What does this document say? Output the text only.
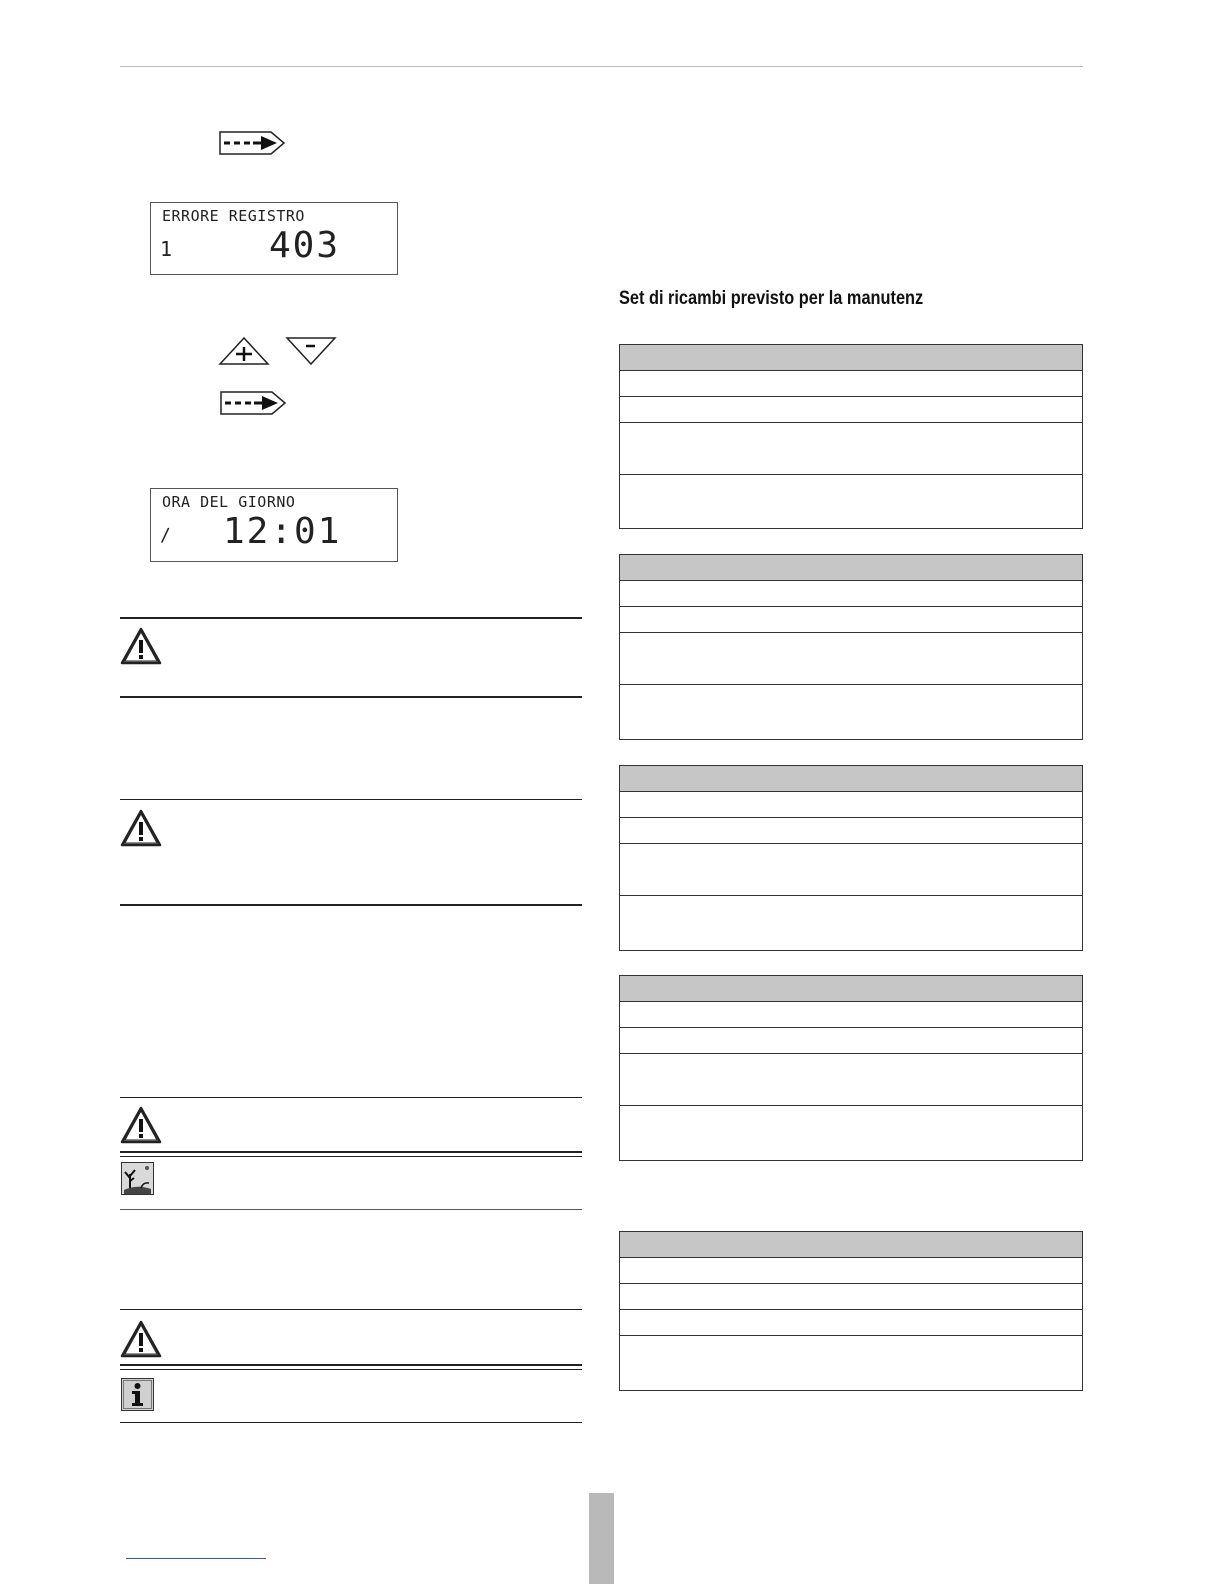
ERRORE REGISTRO
1	403
ORA DEL GIORNO
∕ 12:01
Set di ricambi previsto per la manutenz
